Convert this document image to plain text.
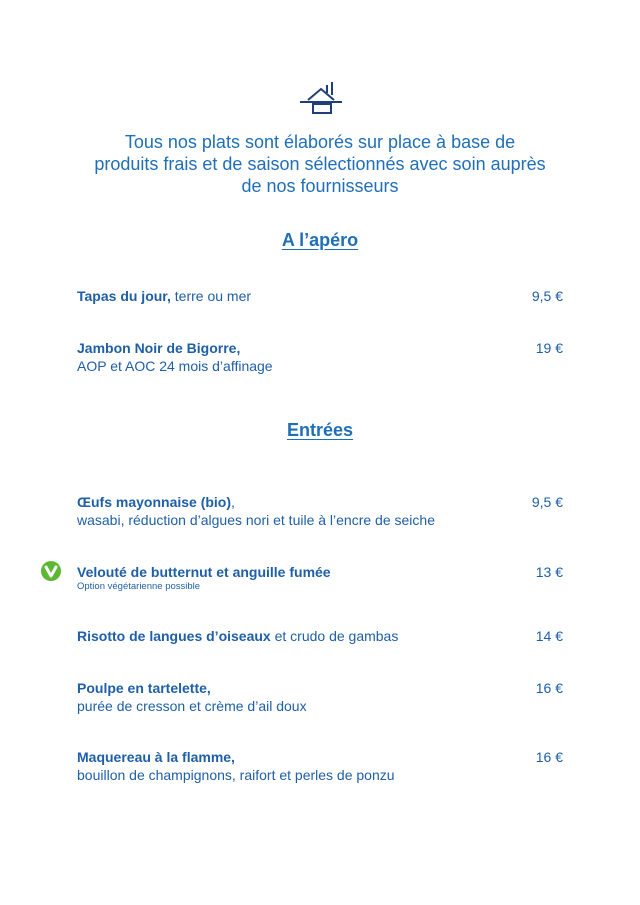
Tous nos plats sont élaborés sur place à base de
produits frais et de saison sélectionnés avec soin auprès
de nos fournisseurs
A l’apéro
Tapas du jour, terre ou mer	9,5 €
Jambon Noir de Bigorre,
AOP et AOC 24 mois d’affinage
19 €
Entrées
Œufs mayonnaise (bio),
wasabi, réduction d’algues nori et tuile à l’encre de seiche
9,5 €
Velouté de butternut et anguille fumée
Option végétarienne possible
13 €
Risotto de langues d’oiseaux et crudo de gambas	14 €
Poulpe en tartelette,
purée de cresson et crème d’ail doux
16 €
Maquereau à la flamme,
bouillon de champignons, raifort et perles de ponzu
16 €
